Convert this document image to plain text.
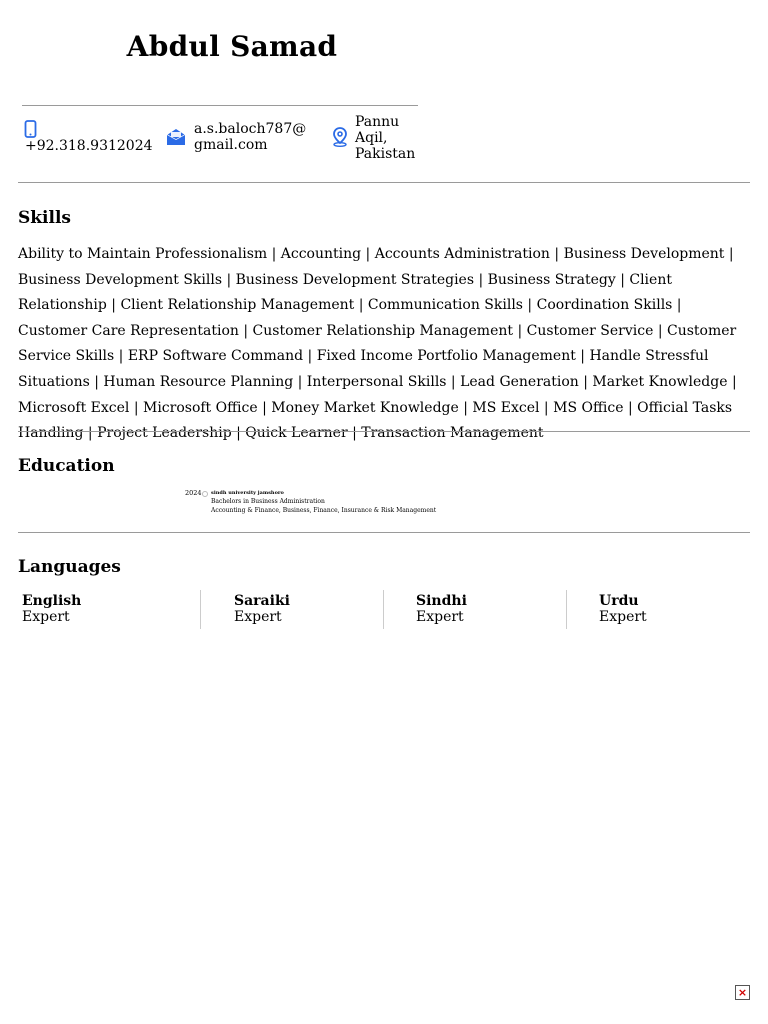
Abdul Samad
+92.318.9312024
a.s.baloch787@
gmail.com
Pannu
Aqil,
Pakistan
Skills
Ability to Maintain Professionalism | Accounting | Accounts Administration | Business Development | Business Development Skills | Business Development Strategies | Business Strategy | Client Relationship | Client Relationship Management | Communication Skills | Coordination Skills | Customer Care Representation | Customer Relationship Management | Customer Service | Customer Service Skills | ERP Software Command | Fixed Income Portfolio Management | Handle Stressful Situations | Human Resource Planning | Interpersonal Skills | Lead Generation | Market Knowledge | Microsoft Excel | Microsoft Office | Money Market Knowledge | MS Excel | MS Office | Official Tasks Handling | Project Leadership | Quick Learner | Transaction Management
Education
2024 sindh university jamshoro
Bachelors in Business Administration
Accounting & Finance, Business, Finance, Insurance & Risk Management
Languages
English
Expert
Saraiki
Expert
Sindhi
Expert
Urdu
Expert
×
